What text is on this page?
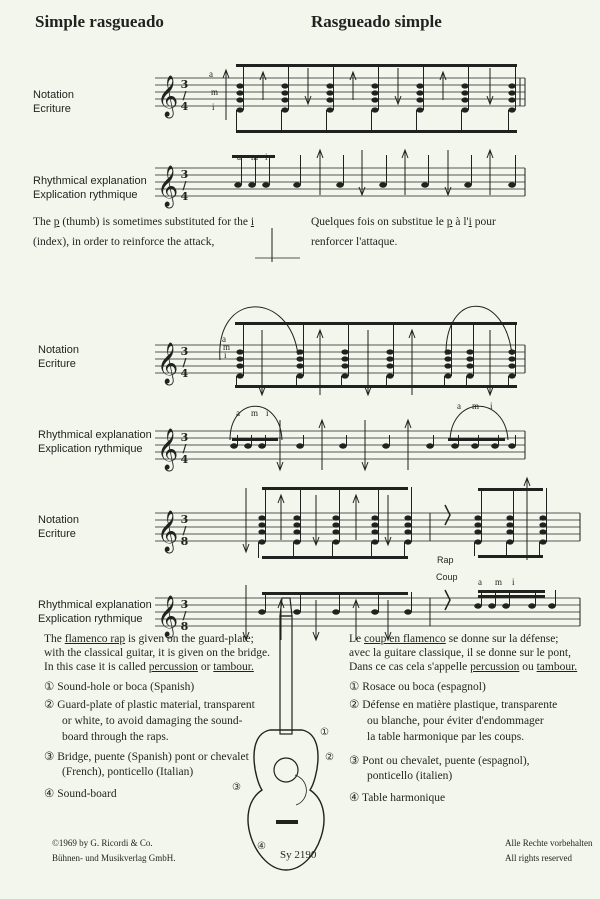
Simple rasgueado	Rasgueado simple
Notation
Ecriture
Rhythmical explanation
Explication rythmique
Notation
Ecriture
Rhythmical explanation
Explication rythmique
Notation
Ecriture
Rhythmical explanation
Explication rythmique
Rap
Coup
The p (thumb) is sometimes substituted for the i
(index), in order to reinforce the attack,
Quelques fois on substitue le p à l'i pour
renforcer l'attaque.
The flamenco rap is given on the guard-plate;
with the classical guitar, it is given on the bridge.
In this case it is called percussion or tambour.
① Sound-hole or boca (Spanish)
② Guard-plate of plastic material, transparent
or white, to avoid damaging the sound-
board through the raps.
③ Bridge, puente (Spanish) pont or chevalet
(French), ponticello (Italian)
④ Sound-board
Le coup en flamenco se donne sur la défense;
avec la guitare classique, il se donne sur le pont,
Dans ce cas cela s'appelle percussion ou tambour.
① Rosace ou boca (espagnol)
② Défense en matière plastique, transparente
ou blanche, pour éviter d'endommager
la table harmonique par les coups.
③ Pont ou chevalet, puente (espagnol),
ponticello (italien)
④ Table harmonique
©1969 by G. Ricordi & Co.
Bühnen- und Musikverlag GmbH.	Sy 2190
Alle Rechte vorbehalten
All rights reserved
𝄞
a
m
i
𝄞
a m i
𝄞
a
m
i
𝄞
a m i
a m i
𝄞
𝄞
a m i
①
②
③
④
3/4
3/4
3/4
3/4
3/8
3/8
